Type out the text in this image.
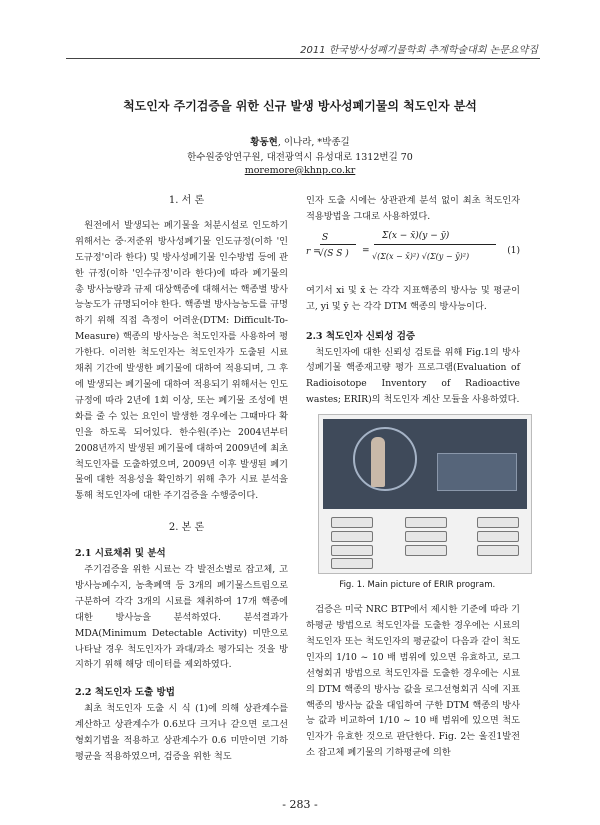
2011 한국방사성폐기물학회 추계학술대회 논문요약집
척도인자 주기검증을 위한 신규 발생 방사성폐기물의 척도인자 분석
황동현, 이나라, *박종길
한수원중앙연구원, 대전광역시 유성대로 1312번길 70
moremore@khnp.co.kr

1. 서 론

원전에서 발생되는 폐기물을 처분시설로 인도하기 위해서는 중·저준위 방사성폐기물 인도규정(이하 '인도규정'이라 한다) 및 방사성폐기물 인수방법 등에 관한 규정(이하 '인수규정'이라 한다)에 따라 폐기물의 총 방사능량과 규제 대상핵종에 대해서는 핵종별 방사능농도가 규명되어야 한다. 핵종별 방사능농도를 규명하기 위해 직접 측정이 어려운(DTM: Difficult-To-Measure) 핵종의 방사능은 척도인자를 사용하여 평가한다. 이러한 척도인자는 척도인자가 도출된 시료 채취 기간에 발생한 폐기물에 대하여 적용되며, 그 후에 발생되는 폐기물에 대하여 적용되기 위해서는 인도규정에 따라 2년에 1회 이상, 또는 폐기물 조성에 변화를 줄 수 있는 요인이 발생한 경우에는 그때마다 확인을 하도록 되어있다. 한수원(주)는 2004년부터 2008년까지 발생된 폐기물에 대하여 2009년에 최초 척도인자를 도출하였으며, 2009년 이후 발생된 폐기물에 대한 적용성을 확인하기 위해 추가 시료 분석을 통해 척도인자에 대한 주기검증을 수행중이다.

2. 본 론

2.1 시료채취 및 분석

주기검증을 위한 시료는 각 발전소별로 잡고체, 고방사능폐수지, 농축폐액 등 3개의 폐기물스트림으로 구분하여 각각 3개의 시료를 채취하여 17개 핵종에 대한 방사능을 분석하였다. 분석결과가 MDA(Minimum Detectable Activity) 미만으로 나타날 경우 척도인자가 과대/과소 평가되는 것을 방지하기 위해 해당 데이터를 제외하였다.

2.2 척도인자 도출 방법

최초 척도인자 도출 시 식 (1)에 의해 상관계수를 계산하고 상관계수가 0.6보다 크거나 같으면 로그선형회기법을 적용하고 상관계수가 0.6 미만이면 기하평균을 적용하였으며, 검증을 위한 척도

인자 도출 시에는 상관관계 분석 없이 최초 척도인자 적용방법을 그대로 사용하였다.

r =
S
√(S S ) =
Σ(x − x̄)(y − ȳ)
√(Σ(x − x̄)²) √(Σ(y − ȳ)²)
(1)

여기서 xi 및 x̄ 는 각각 지표핵종의 방사능 및 평균이고, yi 및 ȳ 는 각각 DTM 핵종의 방사능이다.

2.3 척도인자 신뢰성 검증

척도인자에 대한 신뢰성 검토를 위해 Fig.1의 방사성폐기물 핵종재고량 평가 프로그램(Evaluation of Radioisotope Inventory of Radioactive wastes; ERIR)의 척도인자 계산 모듈을 사용하였다.

Fig. 1. Main picture of ERIR program.

검증은 미국 NRC BTP에서 제시한 기준에 따라 기하평균 방법으로 척도인자를 도출한 경우에는 시료의 척도인자 또는 척도인자의 평균값이 다음과 같이 척도인자의 1/10 ~ 10 배 범위에 있으면 유효하고, 로그선형회귀 방법으로 척도인자를 도출한 경우에는 시료의 DTM 핵종의 방사능 값을 로그선형회귀 식에 지표핵종의 방사능 값을 대입하여 구한 DTM 핵종의 방사능 값과 비교하여 1/10 ~ 10 배 범위에 있으면 척도인자가 유효한 것으로 판단한다. Fig. 2는 울진1발전소 잡고체 폐기물의 기하평균에 의한

- 283 -
